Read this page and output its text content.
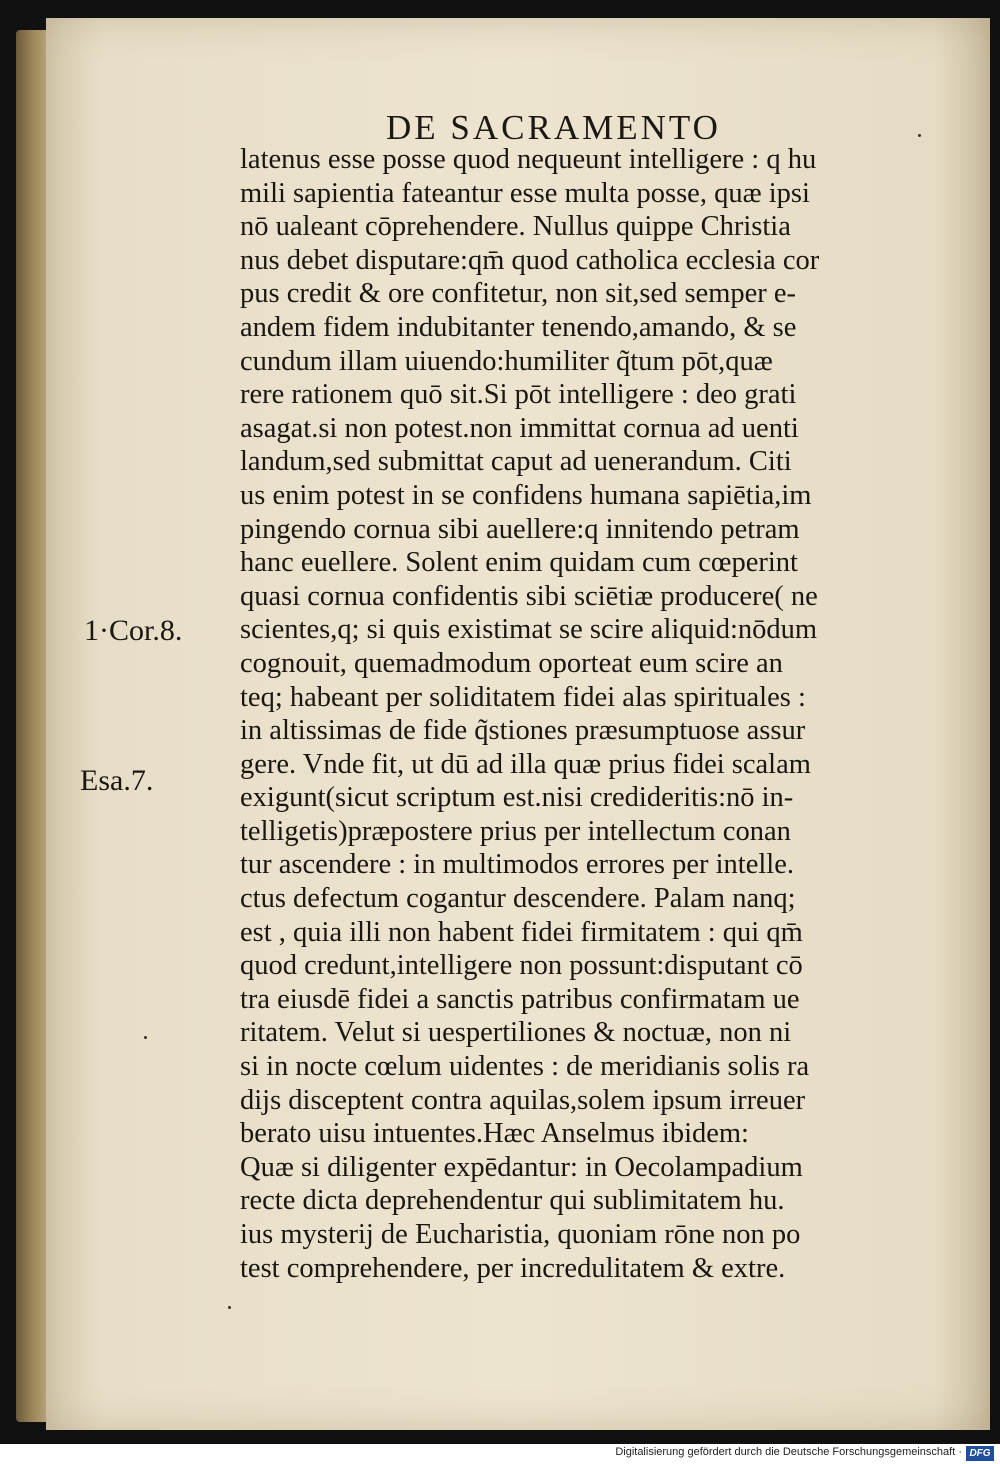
DE SACRAMENTO
latenus esse posse quod nequeunt intelligere : q hu
mili sapientia fateantur esse multa posse, quæ ipsi
nō ualeant cōprehendere. Nullus quippe Christia
nus debet disputare:qm̄ quod catholica ecclesia cor
pus credit & ore confitetur, non sit,sed semper e-
andem fidem indubitanter tenendo,amando, & se
cundum illam uiuendo:humiliter q̃tum pōt,quæ
rere rationem quō sit.Si pōt intelligere : deo grati
asagat.si non potest.non immittat cornua ad uenti
landum,sed submittat caput ad uenerandum. Citi
us enim potest in se confidens humana sapiētia,im
pingendo cornua sibi auellere:q innitendo petram
hanc euellere. Solent enim quidam cum cœperint
quasi cornua confidentis sibi sciētiæ producere( ne
scientes,q; si quis existimat se scire aliquid:nōdum
cognouit, quemadmodum oporteat eum scire an
teq; habeant per soliditatem fidei alas spirituales :
in altissimas de fide q̃stiones præsumptuose assur
gere. Vnde fit, ut dū ad illa quæ prius fidei scalam
exigunt(sicut scriptum est.nisi credideritis:nō in-
telligetis)præpostere prius per intellectum conan
tur ascendere : in multimodos errores per intelle.
ctus defectum cogantur descendere. Palam nanq;
est , quia illi non habent fidei firmitatem : qui qm̄
quod credunt,intelligere non possunt:disputant cō
tra eiusdē fidei a sanctis patribus confirmatam ue
ritatem. Velut si uespertiliones & noctuæ, non ni
si in nocte cœlum uidentes : de meridianis solis ra
dijs disceptent contra aquilas,solem ipsum irreuer
berato uisu intuentes.Hæc Anselmus ibidem:
Quæ si diligenter expēdantur: in Oecolampadium
recte dicta deprehendentur qui sublimitatem hu.
ius mysterij de Eucharistia, quoniam rōne non po
test comprehendere, per incredulitatem & extre.
1·Cor.8.
Esa.7.
Digitalisierung gefördert durch die Deutsche Forschungsgemeinschaft · DFG
